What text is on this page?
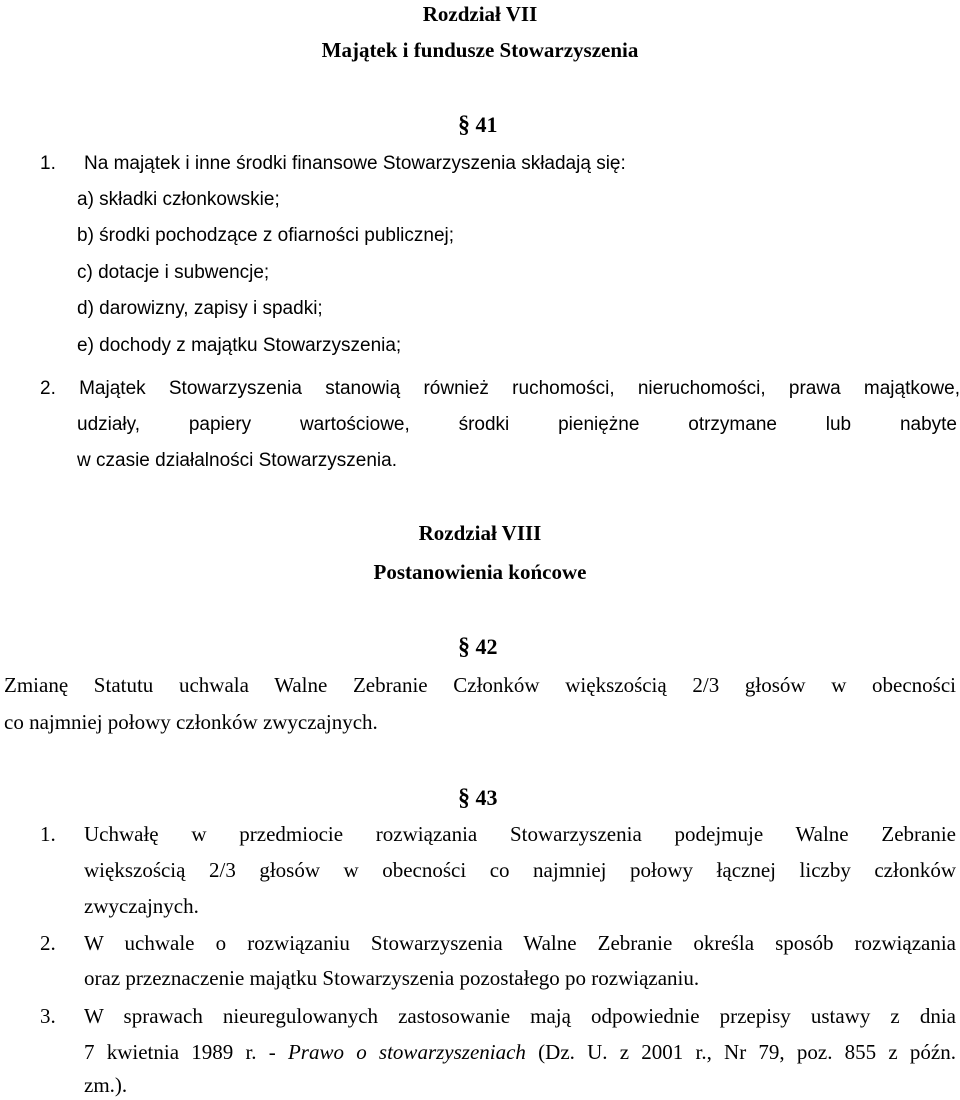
Rozdział VII
Majątek i fundusze Stowarzyszenia
§ 41
1. Na majątek i inne środki finansowe Stowarzyszenia składają się:
a) składki członkowskie;
b) środki pochodzące z ofiarności publicznej;
c) dotacje i subwencje;
d) darowizny, zapisy i spadki;
e) dochody z majątku Stowarzyszenia;
2. Majątek Stowarzyszenia stanowią również ruchomości, nieruchomości, prawa majątkowe,
udziały, papiery wartościowe, środki pieniężne otrzymane lub nabyte
w czasie działalności Stowarzyszenia.
Rozdział VIII
Postanowienia końcowe
§ 42
Zmianę Statutu uchwala Walne Zebranie Członków większością 2/3 głosów w obecności
co najmniej połowy członków zwyczajnych.
§ 43
1. Uchwałę w przedmiocie rozwiązania Stowarzyszenia podejmuje Walne Zebranie
większością 2/3 głosów w obecności co najmniej połowy łącznej liczby członków
zwyczajnych.
2. W uchwale o rozwiązaniu Stowarzyszenia Walne Zebranie określa sposób rozwiązania
oraz przeznaczenie majątku Stowarzyszenia pozostałego po rozwiązaniu.
3. W sprawach nieuregulowanych zastosowanie mają odpowiednie przepisy ustawy z dnia
7 kwietnia 1989 r. - Prawo o stowarzyszeniach (Dz. U. z 2001 r., Nr 79, poz. 855 z późn.
zm.).
